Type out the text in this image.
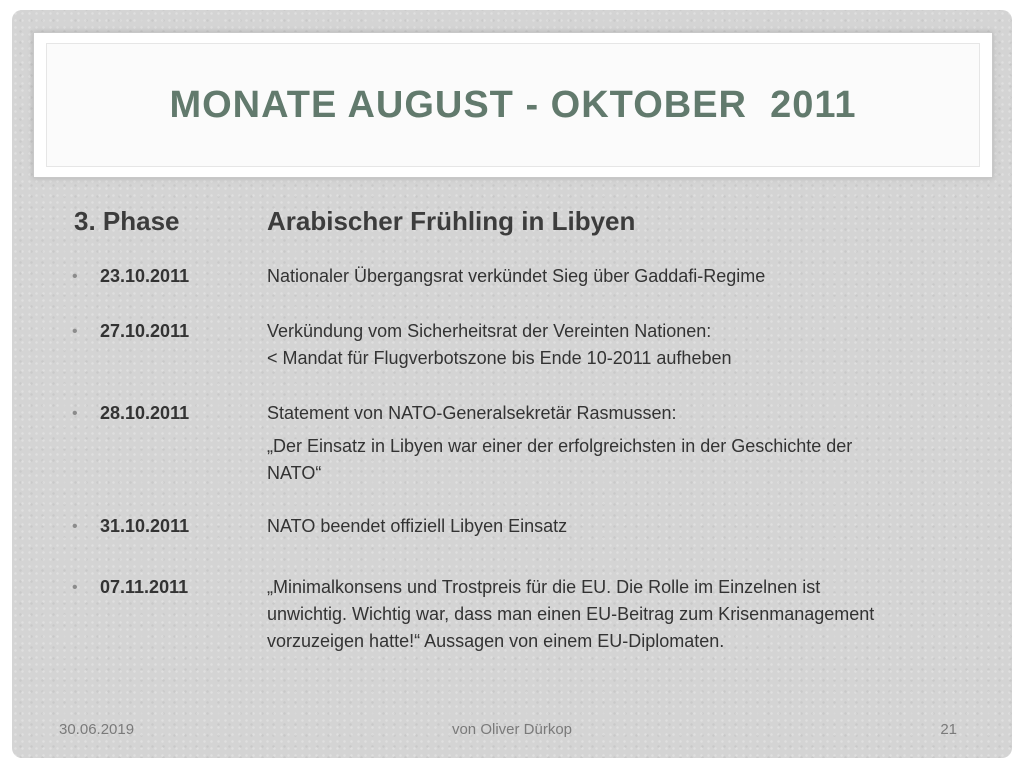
MONATE AUGUST - OKTOBER  2011
3. Phase	Arabischer Frühling in Libyen
• 23.10.2011	Nationaler Übergangsrat verkündet Sieg über Gaddafi-Regime

• 27.10.2011	Verkündung vom Sicherheitsrat der Vereinten Nationen:

< Mandat für Flugverbotszone bis Ende 10-2011 aufheben

• 28.10.2011	Statement von NATO-Generalsekretär Rasmussen:

„Der Einsatz in Libyen war einer der erfolgreichsten in der Geschichte der

NATO“

• 31.10.2011	NATO beendet offiziell Libyen Einsatz

• 07.11.2011	„Minimalkonsens und Trostpreis für die EU. Die Rolle im Einzelnen ist

unwichtig. Wichtig war, dass man einen EU-Beitrag zum Krisenmanagement

vorzuzeigen hatte!“ Aussagen von einem EU-Diplomaten.

30.06.2019	von Oliver Dürkop	21
